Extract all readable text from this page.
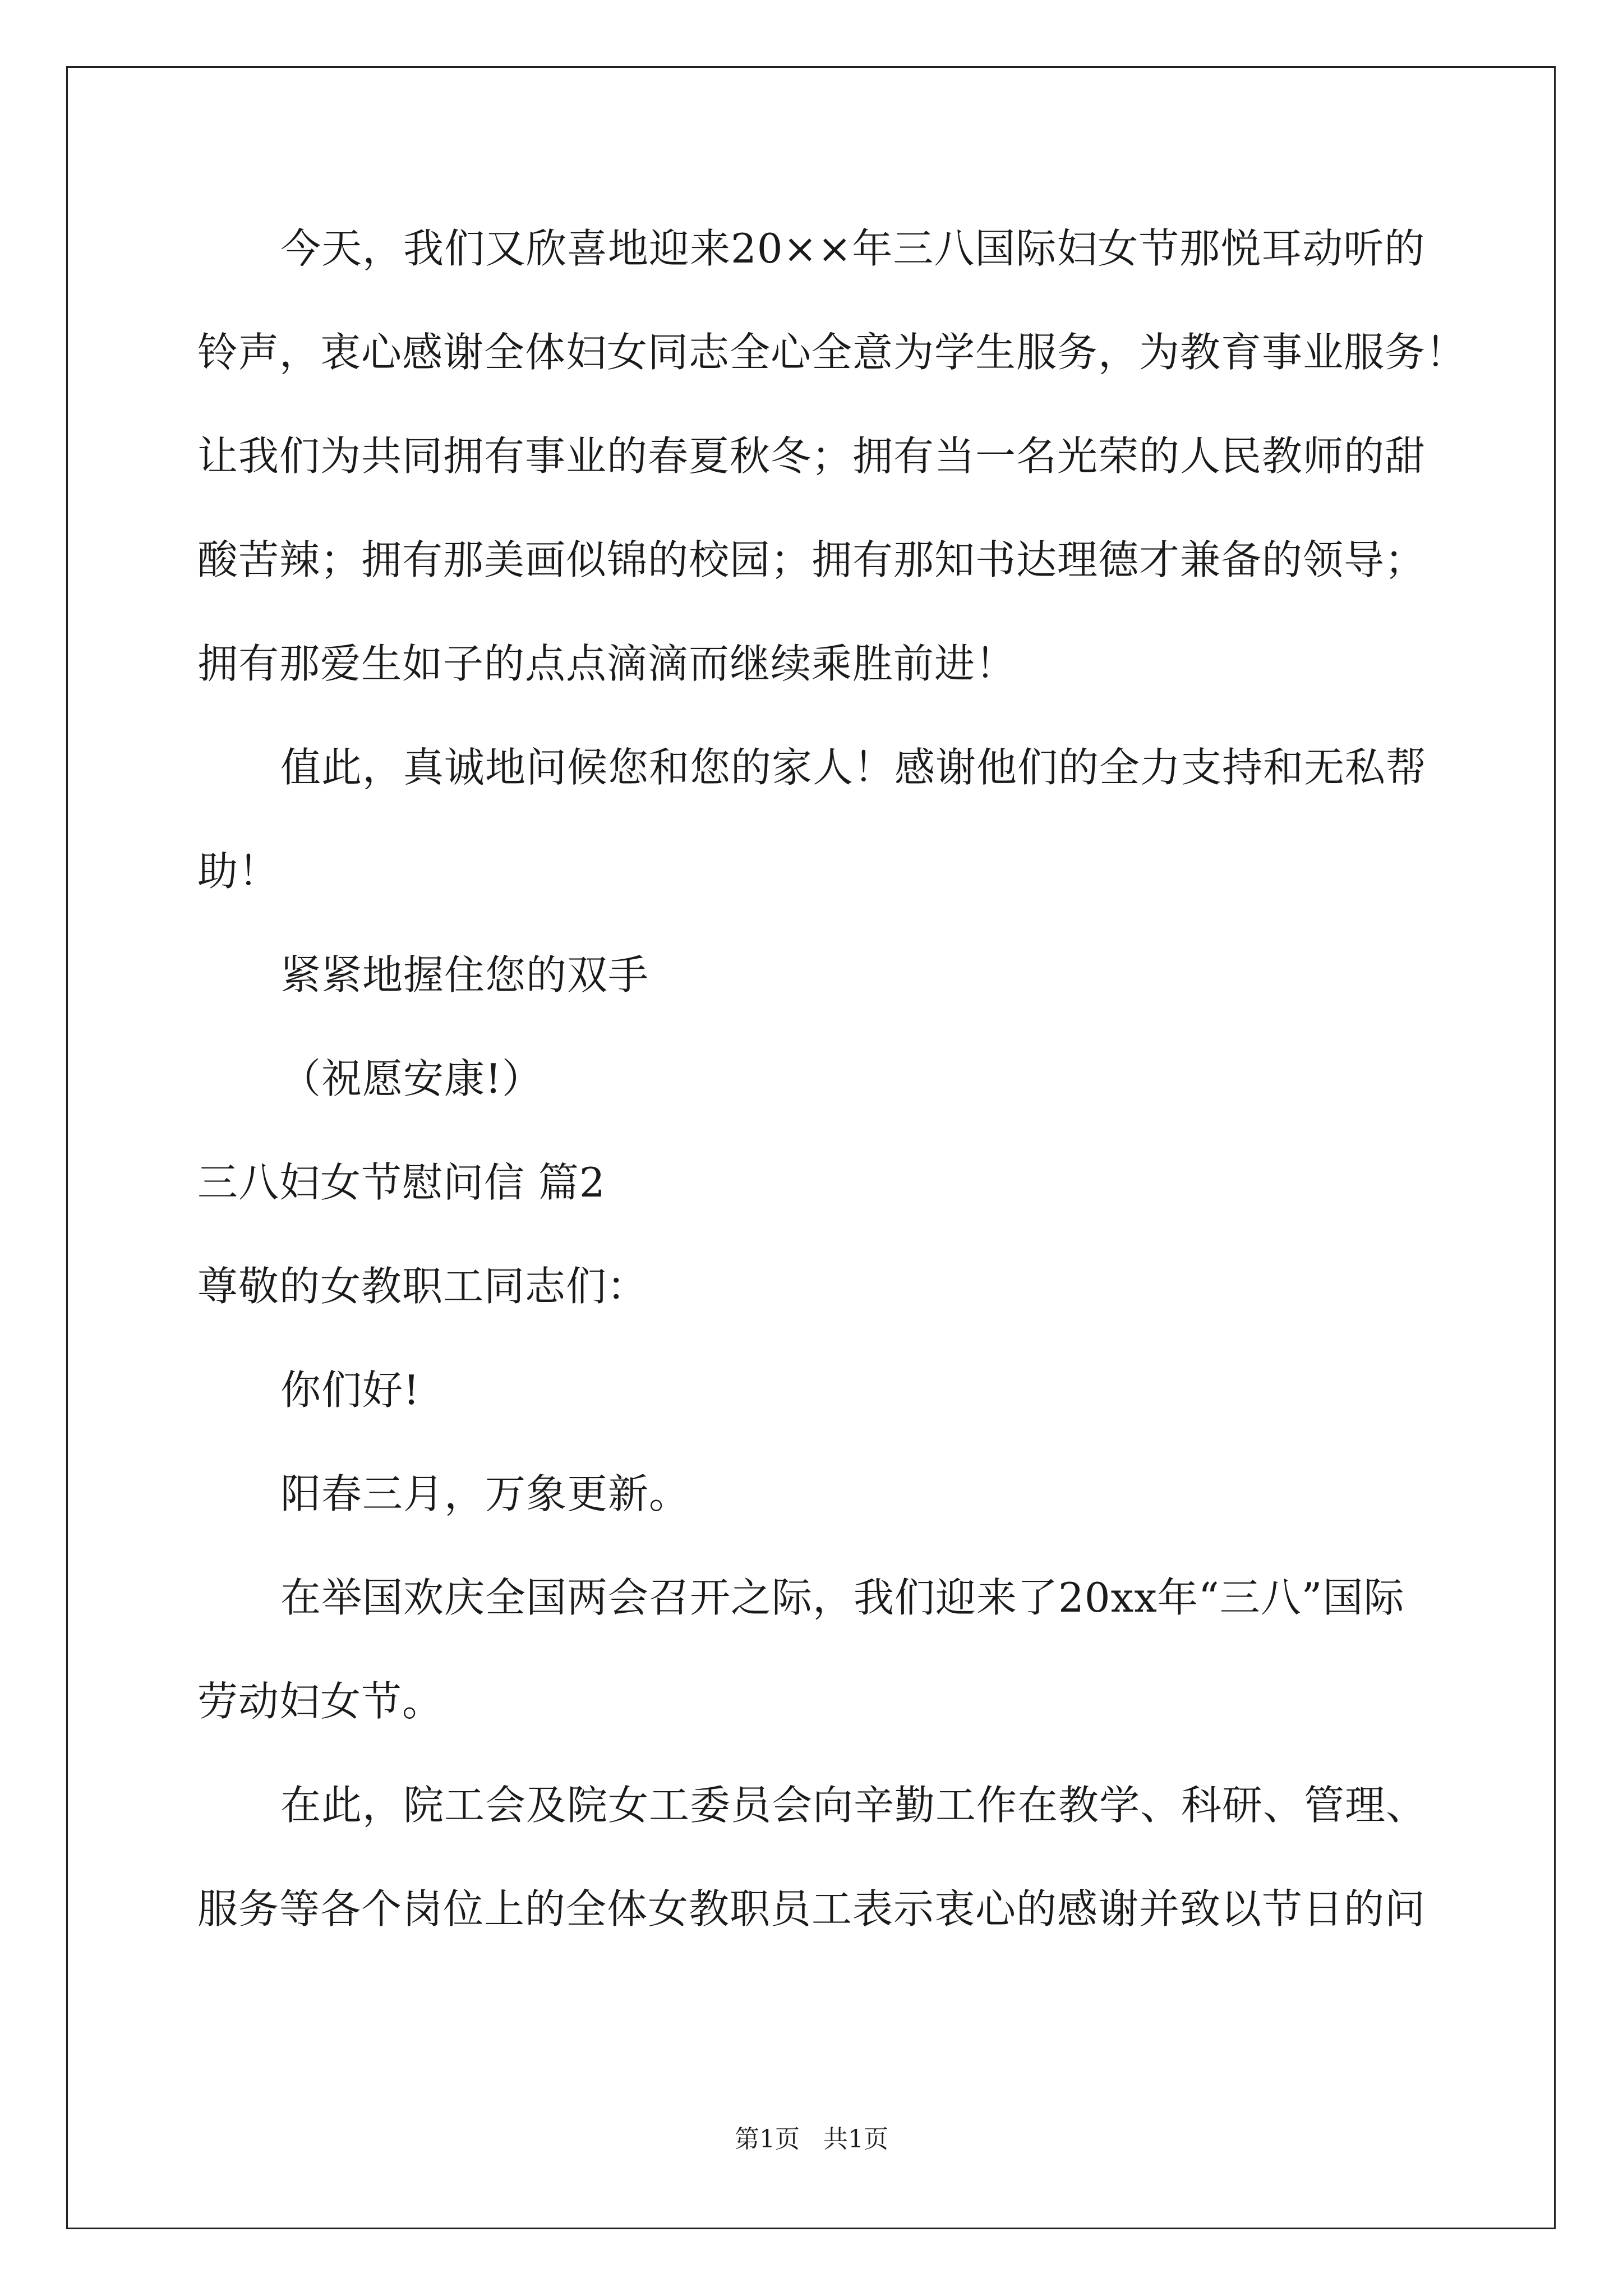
今天，我们又欣喜地迎来20××年三八国际妇女节那悦耳动听的
铃声，衷心感谢全体妇女同志全心全意为学生服务，为教育事业服务！
让我们为共同拥有事业的春夏秋冬；拥有当一名光荣的人民教师的甜
酸苦辣；拥有那美画似锦的校园；拥有那知书达理德才兼备的领导；
拥有那爱生如子的点点滴滴而继续乘胜前进！
值此，真诚地问候您和您的家人！感谢他们的全力支持和无私帮
助！
紧紧地握住您的双手
（祝愿安康!）
三八妇女节慰问信 篇2
尊敬的女教职工同志们：
你们好!
阳春三月，万象更新。
在举国欢庆全国两会召开之际，我们迎来了20xx年“三八”国际
劳动妇女节。
在此，院工会及院女工委员会向辛勤工作在教学、科研、管理、
服务等各个岗位上的全体女教职员工表示衷心的感谢并致以节日的问
第1页   共1页
